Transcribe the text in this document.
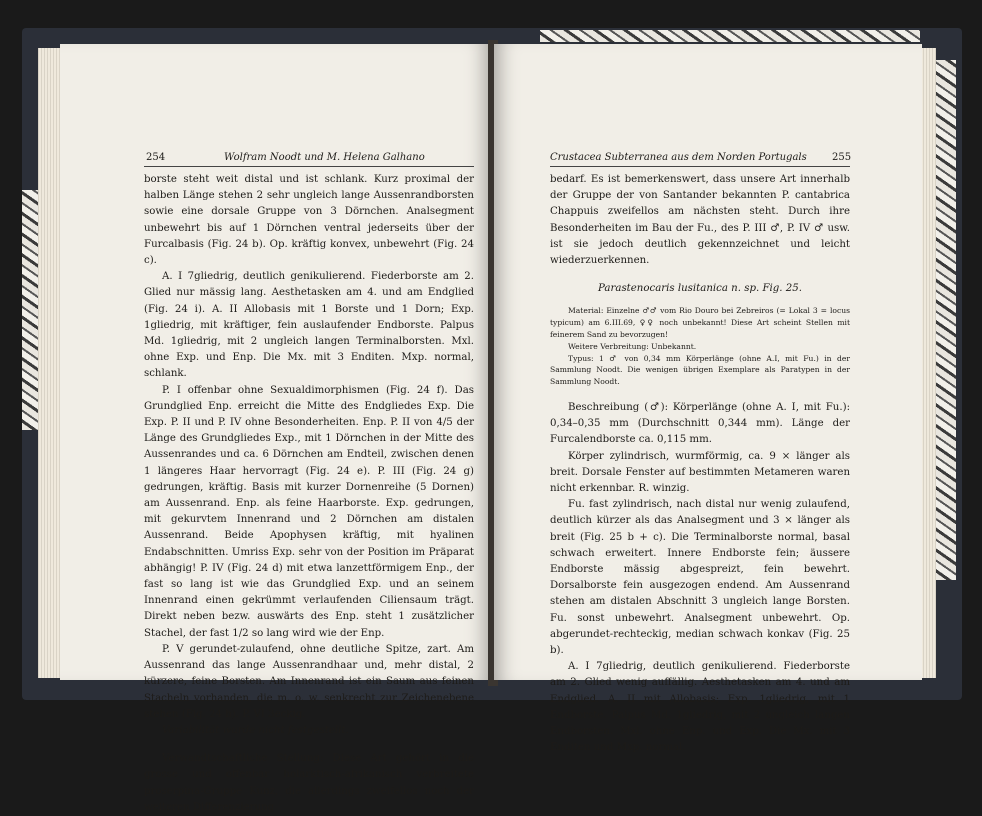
254	Wolfram Noodt und M. Helena Galhano

borste steht weit distal und ist schlank. Kurz proximal der halben Länge stehen 2 sehr ungleich lange Aussenrandborsten sowie eine dorsale Gruppe von 3 Dörnchen. Analsegment unbewehrt bis auf 1 Dörnchen ventral jederseits über der Furcalbasis (Fig. 24 b). Op. kräftig konvex, unbewehrt (Fig. 24 c).

A. I 7gliedrig, deutlich genikulierend. Fiederborste am 2. Glied nur mässig lang. Aesthetasken am 4. und am Endglied (Fig. 24 i). A. II Allobasis mit 1 Borste und 1 Dorn; Exp. 1gliedrig, mit kräftiger, fein auslaufender Endborste. Palpus Md. 1gliedrig, mit 2 ungleich langen Terminalborsten. Mxl. ohne Exp. und Enp. Die Mx. mit 3 Enditen. Mxp. normal, schlank.

P. I offenbar ohne Sexualdimorphismen (Fig. 24 f). Das Grundglied Enp. erreicht die Mitte des Endgliedes Exp. Die Exp. P. II und P. IV ohne Besonderheiten. Enp. P. II von 4/5 der Länge des Grundgliedes Exp., mit 1 Dörnchen in der Mitte des Aussenrandes und ca. 6 Dörnchen am Endteil, zwischen denen 1 längeres Haar hervorragt (Fig. 24 e). P. III (Fig. 24 g) gedrungen, kräftig. Basis mit kurzer Dornenreihe (5 Dornen) am Aussenrand. Enp. als feine Haarborste. Exp. gedrungen, mit gekurvtem Innenrand und 2 Dörnchen am distalen Aussenrand. Beide Apophysen kräftig, mit hyalinen Endabschnitten. Umriss Exp. sehr von der Position im Präparat abhängig! P. IV (Fig. 24 d) mit etwa lanzettförmigem Enp., der fast so lang ist wie das Grundglied Exp. und an seinem Innenrand einen gekrümmt verlaufenden Ciliensaum trägt. Direkt neben bezw. auswärts des Enp. steht 1 zusätzlicher Stachel, der fast 1/2 so lang wird wie der Enp.

P. V gerundet-zulaufend, ohne deutliche Spitze, zart. Am Aussenrand das lange Aussenrandhaar und, mehr distal, 2 kürzere, feine Borsten. Am Innenrand ist ein Saum aus feinen Stacheln vorhanden, die m. o. w. senkrecht zur Zeichenebene stehen (Fig. 24 h). P. VI 3eckig.

Variabilität wurde nicht festgestellt.

Verwandtschaftliche Stellung: Diese Art gehört in die grosse und offenbar holarktisch-afrikanisch verbreitete proserpina-Gruppe Kunz, die allerdings zweifellos noch der weiteren Differenzierung

Crustacea Subterranea aus dem Norden Portugals	255

bedarf. Es ist bemerkenswert, dass unsere Art innerhalb der Gruppe der von Santander bekannten P. cantabrica Chappuis zweifellos am nächsten steht. Durch ihre Besonderheiten im Bau der Fu., des P. III ♂, P. IV ♂ usw. ist sie jedoch deutlich gekennzeichnet und leicht wiederzuerkennen.

Parastenocaris lusitanica n. sp. Fig. 25.

Material: Einzelne ♂♂ vom Rio Douro bei Zebreiros (= Lokal 3 = locus typicum) am 6.III.69, ♀♀ noch unbekannt! Diese Art scheint Stellen mit feinerem Sand zu bevorzugen!

Weitere Verbreitung: Unbekannt.

Typus: 1 ♂ von 0,34 mm Körperlänge (ohne A.I, mit Fu.) in der Sammlung Noodt. Die wenigen übrigen Exemplare als Paratypen in der Sammlung Noodt.

Beschreibung (♂): Körperlänge (ohne A. I, mit Fu.): 0,34–0,35 mm (Durchschnitt 0,344 mm). Länge der Furcalendborste ca. 0,115 mm.

Körper zylindrisch, wurmförmig, ca. 9 × länger als breit. Dorsale Fenster auf bestimmten Metameren waren nicht erkennbar. R. winzig.

Fu. fast zylindrisch, nach distal nur wenig zulaufend, deutlich kürzer als das Analsegment und 3 × länger als breit (Fig. 25 b + c). Die Terminalborste normal, basal schwach erweitert. Innere Endborste fein; äussere Endborste mässig abgespreizt, fein bewehrt. Dorsalborste fein ausgezogen endend. Am Aussenrand stehen am distalen Abschnitt 3 ungleich lange Borsten. Fu. sonst unbewehrt. Analsegment unbewehrt. Op. abgerundet-rechteckig, median schwach konkav (Fig. 25 b).

A. I 7gliedrig, deutlich genikulierend. Fiederborste am 2. Glied wenig auffällig. Aesthetasken am 4. und am Endglied. A. II mit Allobasis; Exp. 1gliedrig, mit 1 Endborste. Palpus Md. 1gliedrig, mit 2 ungleich langen Endborsten. Mxl. ohne Enp. und Exp. Die Mx. mit 3 Enditen und Mxp. normal.
